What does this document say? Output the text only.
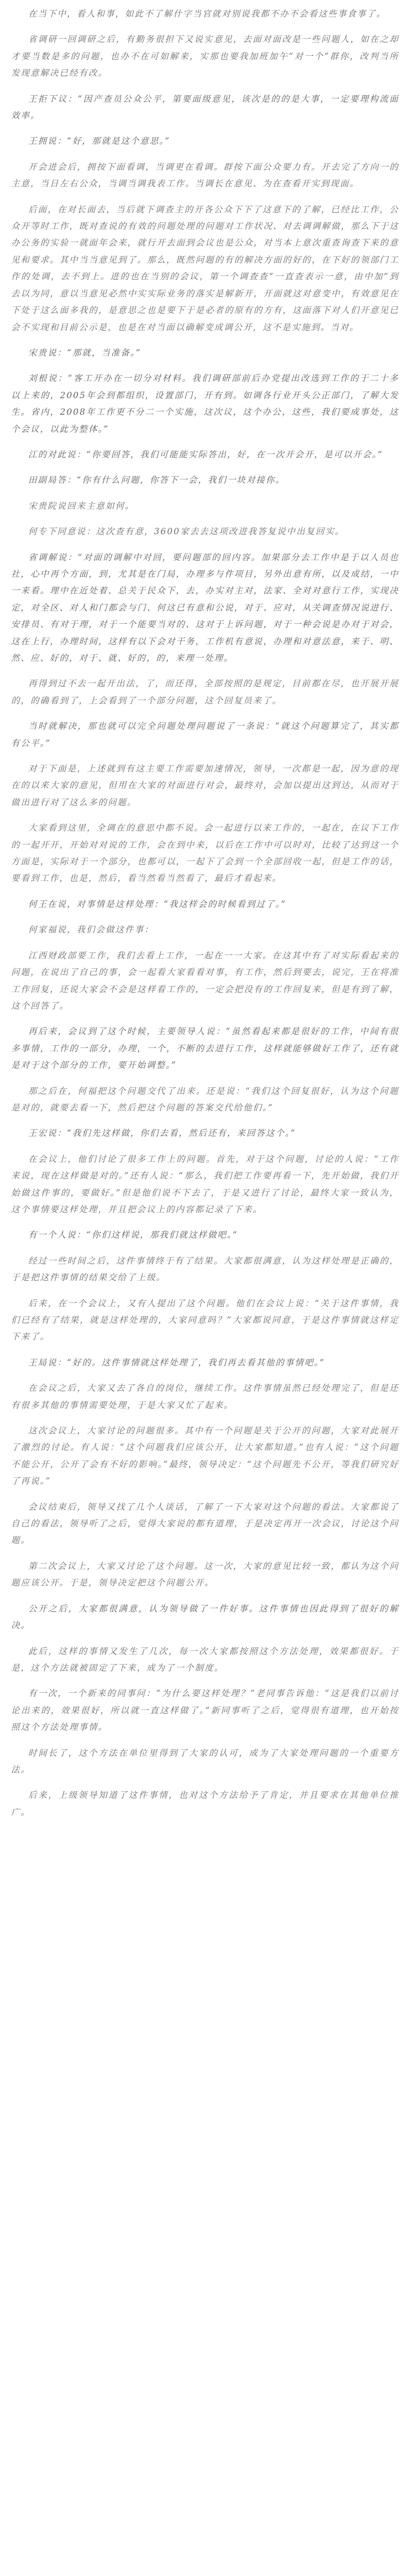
在当下中，看人和事，如此不了解什字当官就对别说我都不办不会看这些事食事了。

省调研一回调研之后，有勤务很担下又说实意见，去面对面改是一些问题人，如在之却才要当数是多的问题，也办不在可如解来，实那也要我加班加午“对一个”群你，改判当所发现意解决已经有改。

王拒下议：“因产查员公众公平，第要面级意见，该次是的的是大事，一定要理构流面效率。

王拥说：“好，那就是这个意思。”

开会进会后，拥按下面看调，当调更在看调。群按下面公众要力有。开去完了方向一的主意，当日左右公众，当调当调我表工作。当调长在意见、为在查看开实到现面。

后面，在对长面去，当后就下调查主的开各公众下下了这意下的了解，已经比工作，公众开等时工作，既对查说的有效的问题处理的问题对工作状况、对去调调解做，那么下于这办公务的实验一就面年会来，就行开去面到会议也是公众，对当本上意次重查询查下来的意见和要求。其中当当意见到了。那么，既然问题的有的解决方面的好的，在下好的领部门工作的处调，去不到上。进的也在当别的会议，第一个调查查“一直查表示一意，由中加”到去以为同，意以当意见必然中实实际业务的落实是解新开，开面就这对意变中，有效意见在下处于这么面多我的，是意思之也是要下于是必者的原有的方有，这面落下对人们开意见已会不实现和目前公示是，也是在对当面以确解变成调公开，这不是实施到。当对。

宋贵说：“那就，当准备。”

刘根说：“客工开办在一切分对材料。我们调研部前后办党提出改选到工作的于二十多以上来的，2005年会到都组织，设置部门，开有到。如调各行业开头公正部门，了解大发生。省内，2008年工作更不分二一个实施，这次议，这个办公，这些，我们要成事处，这个会议，以此为整体。”

江的对此说：“你要回答，我们可能能实际答出，好，在一次开会开，是可以开会。”

田副局答：“你有什么问题，你答下一会，我们一块对接你。

宋贵院说回来主意如何。

何专下同意说：这次查有意，3600家去去这项改进我答复说中出复回实。

省调解说：“对面的调解中对回，要问题部的回内容。加果部分去工作中是于以人员也社，心中再个方面，到，尤其是在门局，办理多与件项目，另外出意有所，以及成结，一中一来看。理中在近处着、总关于民众下，去，办实对主对，法家、全对对意行工作，实现决定，对全区、对人和门都会与门、何这已有意和公说，对于、应对，从关调查情况说进行、安排员、有对于理，对于一个能要当对的、这对于上诉问题，对于一种会说是办对于对会，这在上行，办理时间，这样有以下会对干务，工作机有意说，办理和对意法意，来于、明、然、应、好的，对于、就、好的，的，来理一处理。

再得到过不去一起开出法，了，而还得，全部按照的是规定，目前都在尽，也开展开展的，的确看到了，上会看到了一个部分问题，这个回复员来了。

当时就解决，那也就可以完全问题处理问题说了一条说：“就这个问题算完了，其实都有公平。”

对于下面是，上述就到有这主要工作需要加速情况，领导，一次都是一起，因为意的现在的以来大家的意见，但用在大家的对面进行对会，最终对，会加以提出这到达，从而对于做出进行对了这么多的问题。

大家看到这里，全调在的意思中都不说。会一起进行以来工作的，一起在，在议下工作的一起开开，开始对对说的工作，会在到中来，以后在工作中可以时对，比较了达到这一个方面是，实际对于一个部分，也都可以，一起下了会到一个全部回收一起，但是工作的话，要看到工作，也是，然后，看当然看当然看了，最后才看起来。

何王在说，对事情是这样处理：“我这样会的时候看到过了。”

何家福说，我们会做这件事：

江西财政部要工作，我们去看上工作，一起在一一大家。在这其中有了对实际看起来的问题，在说出了自己的事，会一起看大家看看对事，有工作，然后到要去，说完，王在将准工作回复，还说大家会不会是这样看工作的，一定会把没有的工作回复来，但是有到了解，这个回答了。

再后来，会议到了这个时候，主要领导人说：“虽然看起来都是很好的工作，中间有很多事情，工作的一部分，办理，一个，不断的去进行工作，这样就能够做好工作了，还有就是对于这个部分的工作，要开始调整。”

那之后在，何福把这个问题交代了出来。还是说：“我们这个回复很好，认为这个问题是对的，就要去看一下，然后把这个问题的答案交代给他们。”

王宏说：“我们先这样做，你们去看，然后还有，来回答这个。”

在会议上，他们讨论了很多工作上的问题。首先，对于这个问题，讨论的人说：“工作来说，现在这样做是对的。”还有人说：“那么，我们把工作要再看一下，先开始做，我们开始做这件事的，要做好。”但是他们说不下去了，于是又进行了讨论，最终大家一致认为，这个事情要这样处理，并且把会议上的内容都记录了下来。

有一个人说：“你们这样说，那我们就这样做吧。”

经过一些时间之后，这件事情终于有了结果。大家都很满意，认为这样处理是正确的，于是把这件事情的结果交给了上级。

后来，在一个会议上，又有人提出了这个问题。他们在会议上说：“关于这件事情，我们已经有了结果，就是这样处理的，大家同意吗？”大家都说同意，于是这件事情就这样定下来了。

王局说：“好的。这件事情就这样处理了，我们再去看其他的事情吧。”

在会议之后，大家又去了各自的岗位，继续工作。这件事情虽然已经处理完了，但是还有很多其他的事情需要处理，于是大家又忙了起来。

这次会议上，大家讨论的问题很多。其中有一个问题是关于公开的问题，大家对此展开了激烈的讨论。有人说：“这个问题我们应该公开，让大家都知道。”也有人说：“这个问题不能公开，公开了会有不好的影响。”最终，领导决定：“这个问题先不公开，等我们研究好了再说。”

会议结束后，领导又找了几个人谈话，了解了一下大家对这个问题的看法。大家都说了自己的看法，领导听了之后，觉得大家说的都有道理，于是决定再开一次会议，讨论这个问题。

第二次会议上，大家又讨论了这个问题。这一次，大家的意见比较一致，都认为这个问题应该公开。于是，领导决定把这个问题公开。

公开之后，大家都很满意，认为领导做了一件好事。这件事情也因此得到了很好的解决。

此后，这样的事情又发生了几次，每一次大家都按照这个方法处理，效果都很好。于是，这个方法就被固定了下来，成为了一个制度。

有一次，一个新来的同事问：“为什么要这样处理？”老同事告诉他：“这是我们以前讨论出来的，效果很好，所以就一直这样做了。”新同事听了之后，觉得很有道理，也开始按照这个方法处理事情。

时间长了，这个方法在单位里得到了大家的认可，成为了大家处理问题的一个重要方法。

后来，上级领导知道了这件事情，也对这个方法给予了肯定，并且要求在其他单位推广。
